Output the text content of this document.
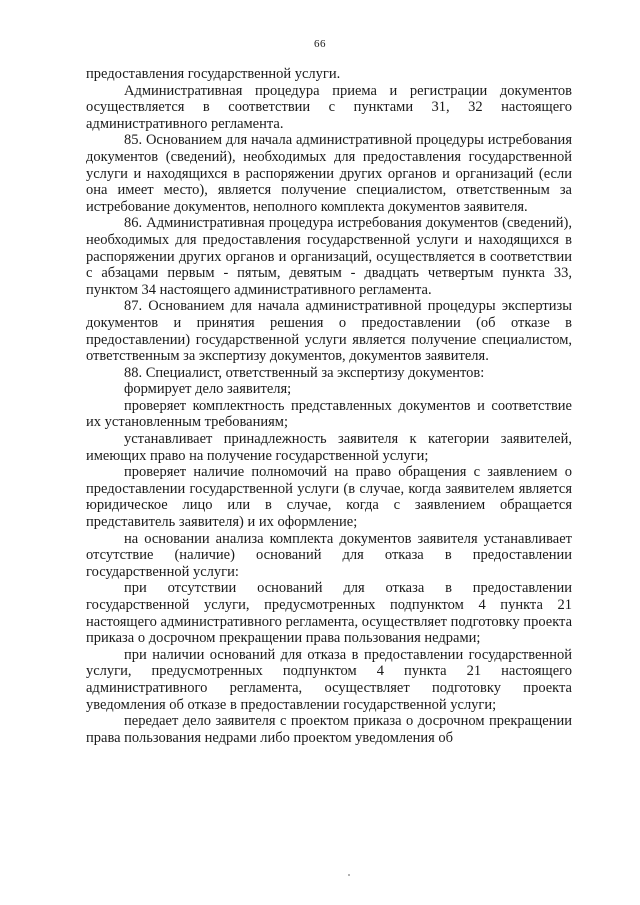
66

предоставления государственной услуги.

Административная процедура приема и регистрации документов осуществляется в соответствии с пунктами 31, 32 настоящего административного регламента.

85. Основанием для начала административной процедуры истребования документов (сведений), необходимых для предоставления государственной услуги и находящихся в распоряжении других органов и организаций (если она имеет место), является получение специалистом, ответственным за истребование документов, неполного комплекта документов заявителя.

86. Административная процедура истребования документов (сведений), необходимых для предоставления государственной услуги и находящихся в распоряжении других органов и организаций, осуществляется в соответствии с абзацами первым - пятым, девятым - двадцать четвертым пункта 33, пунктом 34 настоящего административного регламента.

87. Основанием для начала административной процедуры экспертизы документов и принятия решения о предоставлении (об отказе в предоставлении) государственной услуги является получение специалистом, ответственным за экспертизу документов, документов заявителя.

88. Специалист, ответственный за экспертизу документов:

формирует дело заявителя;

проверяет комплектность представленных документов и соответствие их установленным требованиям;

устанавливает принадлежность заявителя к категории заявителей, имеющих право на получение государственной услуги;

проверяет наличие полномочий на право обращения с заявлением о предоставлении государственной услуги (в случае, когда заявителем является юридическое лицо или в случае, когда с заявлением обращается представитель заявителя) и их оформление;

на основании анализа комплекта документов заявителя устанавливает отсутствие (наличие) оснований для отказа в предоставлении государственной услуги:

при отсутствии оснований для отказа в предоставлении государственной услуги, предусмотренных подпунктом 4 пункта 21 настоящего административного регламента, осуществляет подготовку проекта приказа о досрочном прекращении права пользования недрами;

при наличии оснований для отказа в предоставлении государственной услуги, предусмотренных подпунктом 4 пункта 21 настоящего административного регламента, осуществляет подготовку проекта уведомления об отказе в предоставлении государственной услуги;

передает дело заявителя с проектом приказа о досрочном прекращении права пользования недрами либо проектом уведомления об
